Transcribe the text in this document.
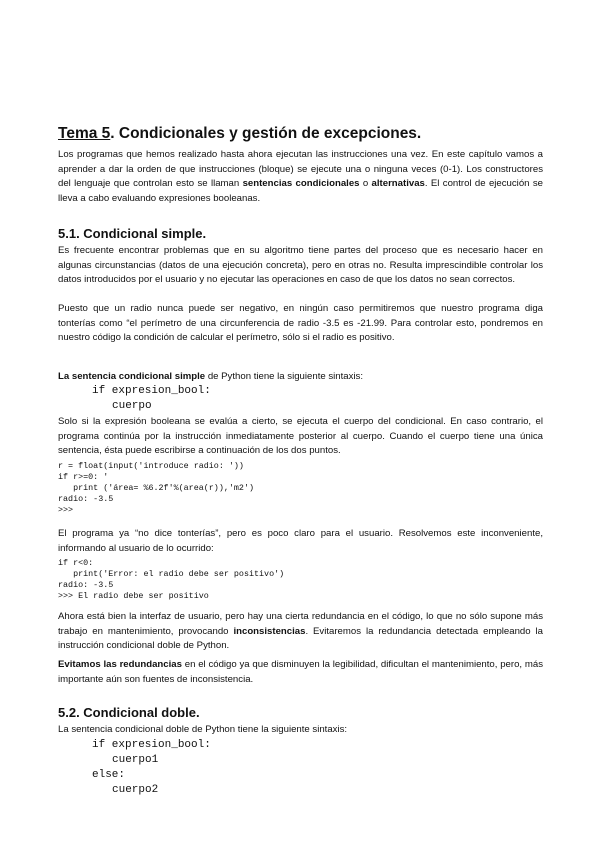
Tema 5. Condicionales y gestión de excepciones.

Los programas que hemos realizado hasta ahora ejecutan las instrucciones una vez. En este capítulo vamos a aprender a dar la orden de que instrucciones (bloque) se ejecute una o ninguna veces (0-1). Los constructores del lenguaje que controlan esto se llaman sentencias condicionales o alternativas. El control de ejecución se lleva a cabo evaluando expresiones booleanas.

5.1. Condicional simple.

Es frecuente encontrar problemas que en su algoritmo tiene partes del proceso que es necesario hacer en algunas circunstancias (datos de una ejecución concreta), pero en otras no. Resulta imprescindible controlar los datos introducidos por el usuario y no ejecutar las operaciones en caso de que los datos no sean correctos.

Puesto que un radio nunca puede ser negativo, en ningún caso permitiremos que nuestro programa diga tonterías como “el perímetro de una circunferencia de radio -3.5 es -21.99. Para controlar esto, pondremos en nuestro código la condición de calcular el perímetro, sólo si el radio es positivo.

La sentencia condicional simple de Python tiene la siguiente sintaxis:

if expresion_bool:
cuerpo

Solo si la expresión booleana se evalúa a cierto, se ejecuta el cuerpo del condicional. En caso contrario, el programa continúa por la instrucción inmediatamente posterior al cuerpo. Cuando el cuerpo tiene una única sentencia, ésta puede escribirse a continuación de los dos puntos.

r = float(input('introduce radio: '))
if r>=0: '
print ('área= %6.2f'%(area(r)),'m2')
radio: -3.5
>>>

El programa ya “no dice tonterías”, pero es poco claro para el usuario. Resolvemos este inconveniente, informando al usuario de lo ocurrido:

if r<0:
print('Error: el radio debe ser positivo')
radio: -3.5
>>> El radio debe ser positivo

Ahora está bien la interfaz de usuario, pero hay una cierta redundancia en el código, lo que no sólo supone más trabajo en mantenimiento, provocando inconsistencias. Evitaremos la redundancia detectada empleando la instrucción condicional doble de Python.

Evitamos las redundancias en el código ya que disminuyen la legibilidad, dificultan el mantenimiento, pero, más importante aún son fuentes de inconsistencia.

5.2. Condicional doble.

La sentencia condicional doble de Python tiene la siguiente sintaxis:

if expresion_bool:
cuerpo1
else:
cuerpo2
